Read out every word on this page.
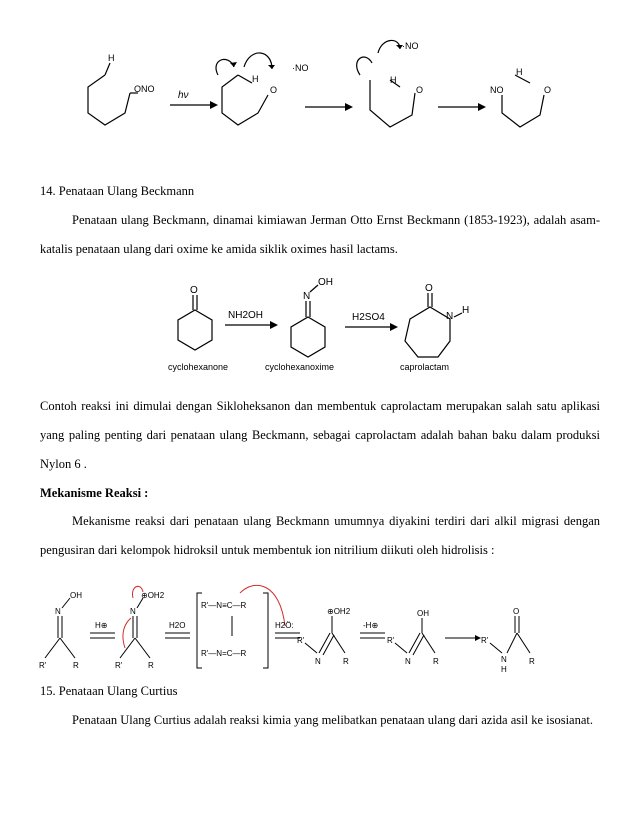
H
ONO
hν
H
O
·NO
H
O
·NO
NO
H
O
14. Penataan Ulang Beckmann
Penataan ulang Beckmann, dinamai kimiawan Jerman Otto Ernst Beckmann (1853-1923), adalah asam-
katalis penataan ulang dari oxime ke amida siklik oximes hasil lactams.
O
cyclohexanone
NH2OH
N
OH
cyclohexanoxime
H2SO4
O
N
H
caprolactam
Contoh reaksi ini dimulai dengan Sikloheksanon dan membentuk caprolactam merupakan salah satu aplikasi
yang paling penting dari penataan ulang Beckmann, sebagai caprolactam adalah bahan baku dalam produksi
Nylon 6 .
Mekanisme Reaksi :
Mekanisme reaksi dari penataan ulang Beckmann umumnya diyakini terdiri dari alkil migrasi dengan
pengusiran dari kelompok hidroksil untuk membentuk ion nitrilium diikuti oleh hidrolisis :
N
OH
R'	R
H⊕
N
⊕OH2
R'	R
H2O
R'—N≡C—R
R'—N=C—R
H2Ö:
⊕OH2
R'
N	R
-H⊕
OH
R'
N	R
O
R'
N
H
R
15. Penataan Ulang Curtius
Penataan Ulang Curtius adalah reaksi kimia yang melibatkan penataan ulang dari azida asil ke isosianat.
